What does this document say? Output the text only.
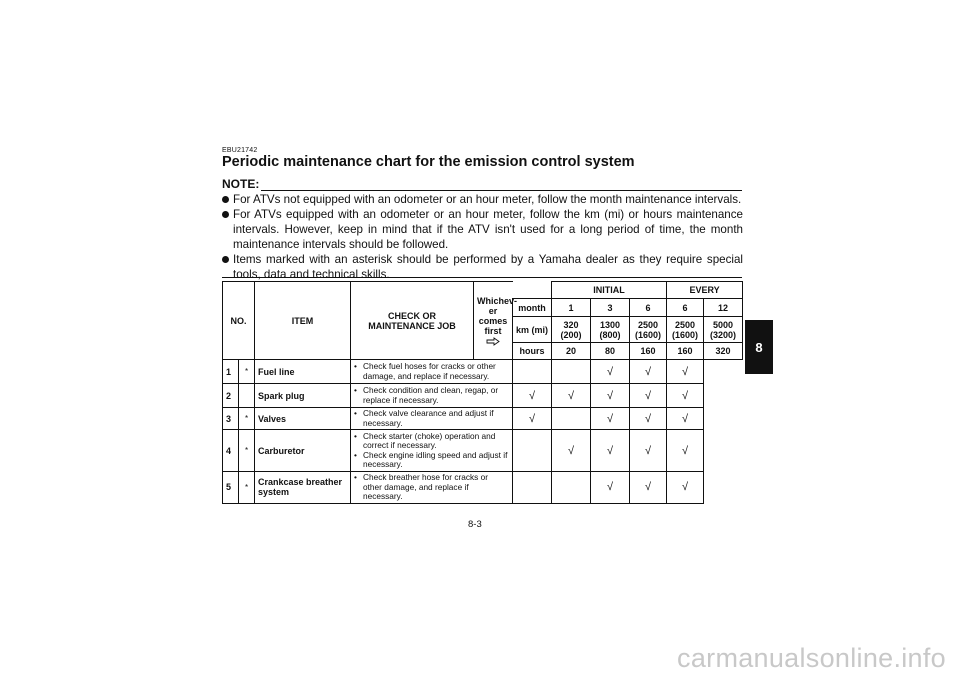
EBU21742
Periodic maintenance chart for the emission control system
NOTE:
For ATVs not equipped with an odometer or an hour meter, follow the month maintenance intervals.
For ATVs equipped with an odometer or an hour meter, follow the km (mi) or hours maintenance intervals. However, keep in mind that if the ATV isn't used for a long period of time, the month maintenance intervals should be followed.
Items marked with an asterisk should be performed by a Yamaha dealer as they require special tools, data and technical skills.
NO.		ITEM	CHECK OR MAINTENANCE JOB	Whichev-er comes first		INITIAL			EVERY	
					month	1	3	6	6	12
					km (mi)	320 (200)	1300 (800)	2500 (1600)	2500 (1600)	5000 (3200)
					hours	20	80	160	160	320
1	*	Fuel line	• Check fuel hoses for cracks or other damage, and replace if necessary.				√	√	√	
2		Spark plug	• Check condition and clean, regap, or replace if necessary.		√	√	√	√	√	
3	*	Valves	• Check valve clearance and adjust if necessary.		√		√	√	√	
4	*	Carburetor	• Check starter (choke) operation and correct if necessary.
• Check engine idling speed and adjust if necessary.			√	√	√	√	
5	*	Crankcase breather system	• Check breather hose for cracks or other damage, and replace if necessary.				√	√	√	
8
8-3
carmanualsonline.info
